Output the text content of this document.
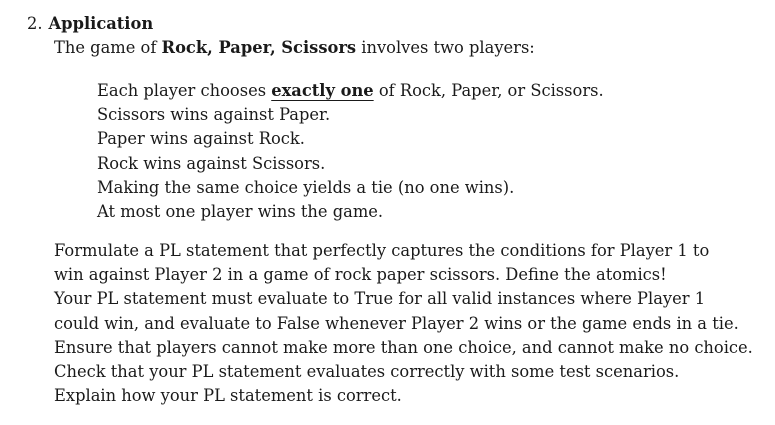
2. Application
The game of Rock, Paper, Scissors involves two players:
Each player chooses exactly one of Rock, Paper, or Scissors.
Scissors wins against Paper.
Paper wins against Rock.
Rock wins against Scissors.
Making the same choice yields a tie (no one wins).
At most one player wins the game.
Formulate a PL statement that perfectly captures the conditions for Player 1 to
win against Player 2 in a game of rock paper scissors. Define the atomics!
Your PL statement must evaluate to True for all valid instances where Player 1
could win, and evaluate to False whenever Player 2 wins or the game ends in a tie.
Ensure that players cannot make more than one choice, and cannot make no choice.
Check that your PL statement evaluates correctly with some test scenarios.
Explain how your PL statement is correct.
